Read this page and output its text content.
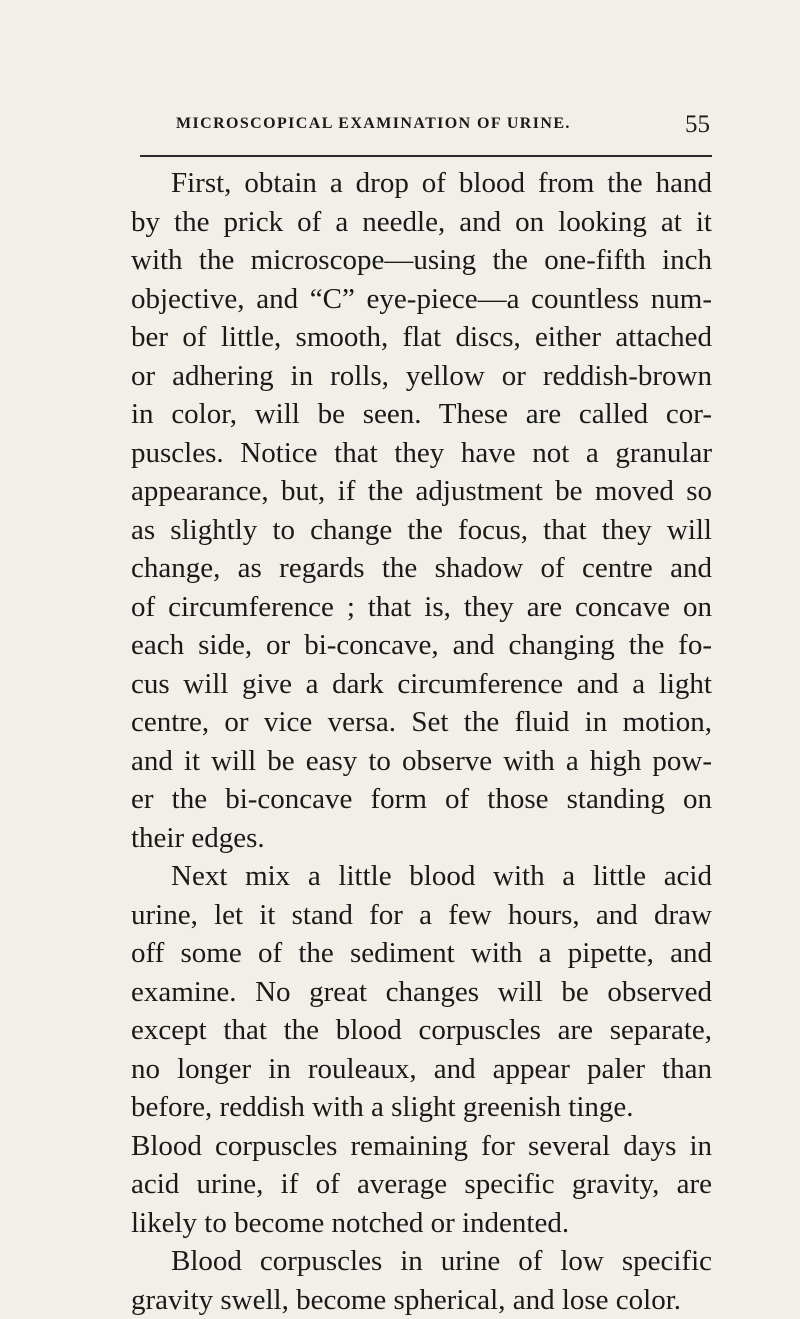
MICROSCOPICAL EXAMINATION OF URINE.	55
First, obtain a drop of blood from the hand
by the prick of a needle, and on looking at it
with the microscope—using the one-fifth inch
objective, and “C” eye-piece—a countless num-
ber of little, smooth, flat discs, either attached
or adhering in rolls, yellow or reddish-brown
in color, will be seen. These are called cor-
puscles. Notice that they have not a granular
appearance, but, if the adjustment be moved so
as slightly to change the focus, that they will
change, as regards the shadow of centre and
of circumference ; that is, they are concave on
each side, or bi-concave, and changing the fo-
cus will give a dark circumference and a light
centre, or vice versa. Set the fluid in motion,
and it will be easy to observe with a high pow-
er the bi-concave form of those standing on
their edges.
Next mix a little blood with a little acid
urine, let it stand for a few hours, and draw
off some of the sediment with a pipette, and
examine. No great changes will be observed
except that the blood corpuscles are separate,
no longer in rouleaux, and appear paler than
before, reddish with a slight greenish tinge.
Blood corpuscles remaining for several days in
acid urine, if of average specific gravity, are
likely to become notched or indented.
Blood corpuscles in urine of low specific
gravity swell, become spherical, and lose color.
